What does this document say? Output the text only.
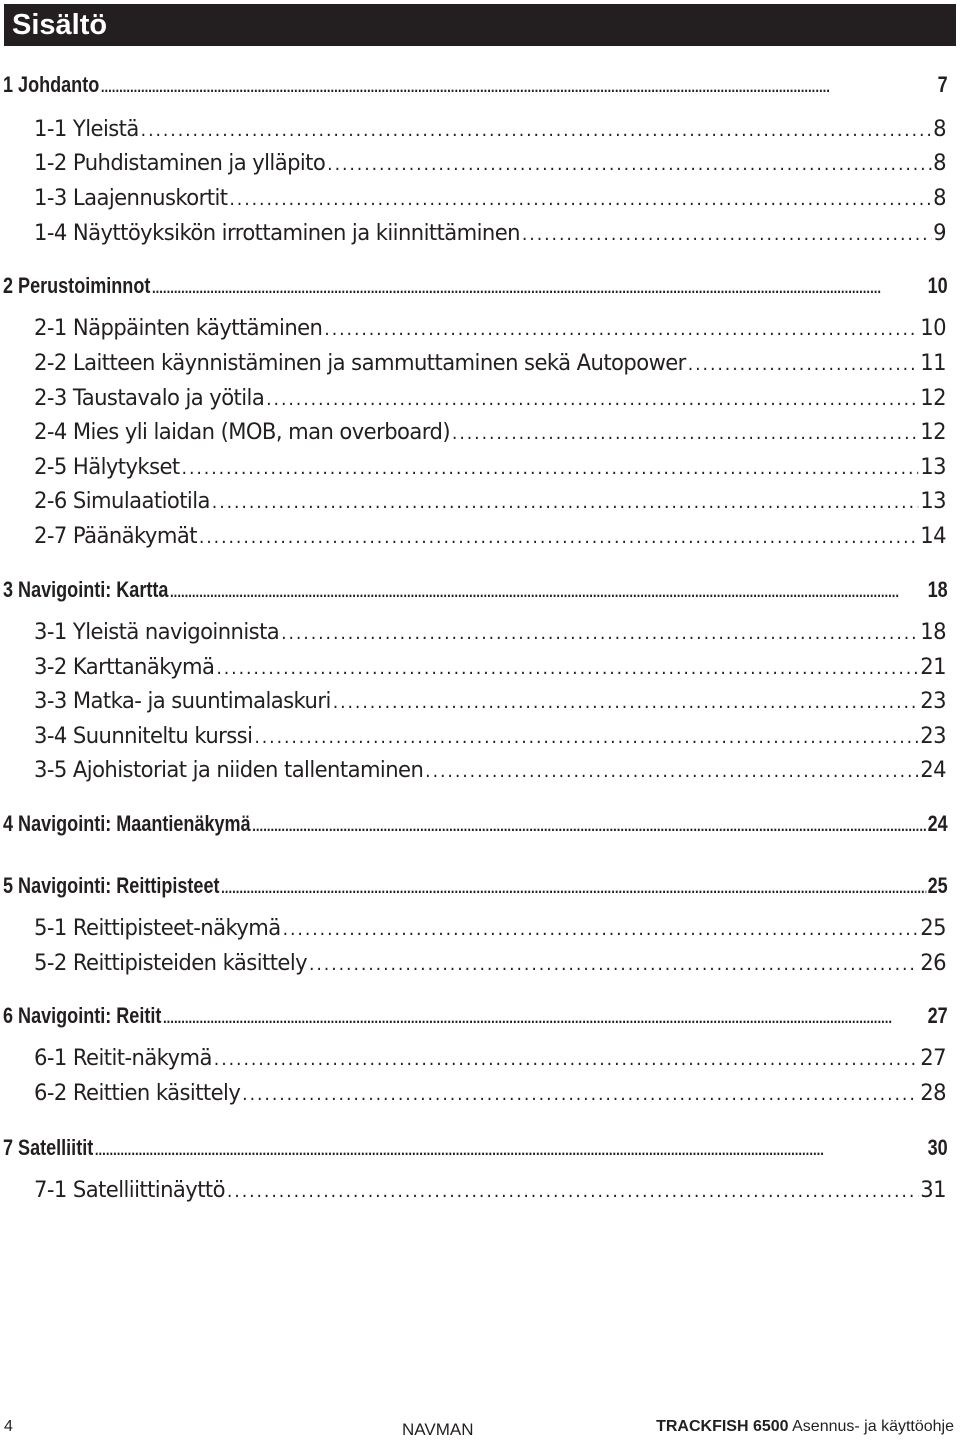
Sisältö
1 Johdanto .....	7
1-1 Yleistä .....	8
1-2 Puhdistaminen ja ylläpito .....	8
1-3 Laajennuskortit .....	8
1-4 Näyttöyksikön irrottaminen ja kiinnittäminen .....	9
2 Perustoiminnot .....	10
2-1 Näppäinten käyttäminen .....	10
2-2 Laitteen käynnistäminen ja sammuttaminen sekä Autopower .....	11
2-3 Taustavalo ja yötila .....	12
2-4 Mies yli laidan (MOB, man overboard) .....	12
2-5 Hälytykset .....	13
2-6 Simulaatiotila .....	13
2-7 Päänäkymät .....	14
3 Navigointi: Kartta .....	18
3-1 Yleistä navigoinnista .....	18
3-2 Karttanäkymä .....	21
3-3 Matka- ja suuntimalaskuri .....	23
3-4 Suunniteltu kurssi .....	23
3-5 Ajohistoriat ja niiden tallentaminen .....	24
4 Navigointi: Maantienäkymä .....	24
5 Navigointi: Reittipisteet .....	25
5-1 Reittipisteet-näkymä .....	25
5-2 Reittipisteiden käsittely .....	26
6 Navigointi: Reitit .....	27
6-1 Reitit-näkymä .....	27
6-2 Reittien käsittely .....	28
7 Satelliitit .....	30
7-1 Satelliittinäyttö .....	31
4	NAVMAN	TRACKFISH 6500 Asennus- ja käyttöohje
